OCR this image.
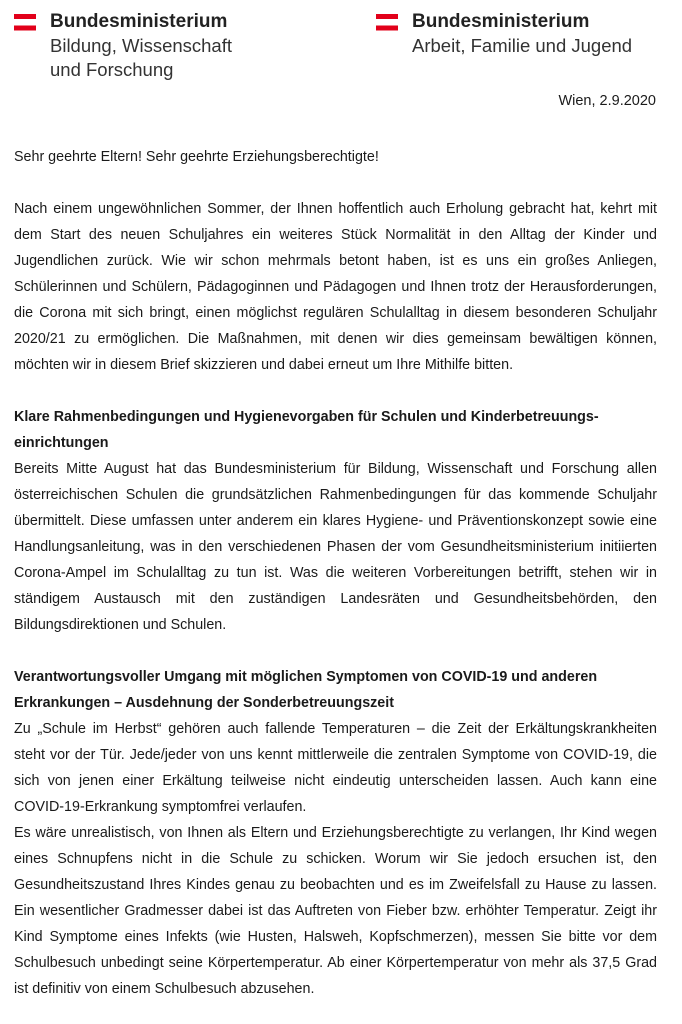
Bundesministerium
Bildung, Wissenschaft
und Forschung
Bundesministerium
Arbeit, Familie und Jugend
Wien, 2.9.2020

Sehr geehrte Eltern! Sehr geehrte Erziehungsberechtigte!

Nach einem ungewöhnlichen Sommer, der Ihnen hoffentlich auch Erholung gebracht hat, kehrt mit dem Start des neuen Schuljahres ein weiteres Stück Normalität in den Alltag der Kinder und Jugendlichen zurück. Wie wir schon mehrmals betont haben, ist es uns ein großes Anliegen, Schülerinnen und Schülern, Pädagoginnen und Pädagogen und Ihnen trotz der Herausforderungen, die Corona mit sich bringt, einen möglichst regulären Schulalltag in diesem besonderen Schuljahr 2020/21 zu ermöglichen. Die Maßnahmen, mit denen wir dies gemeinsam bewältigen können, möchten wir in diesem Brief skizzieren und dabei erneut um Ihre Mithilfe bitten.

Klare Rahmenbedingungen und Hygienevorgaben für Schulen und Kinderbetreuungs-einrichtungen

Bereits Mitte August hat das Bundesministerium für Bildung, Wissenschaft und Forschung allen österreichischen Schulen die grundsätzlichen Rahmenbedingungen für das kommende Schuljahr übermittelt. Diese umfassen unter anderem ein klares Hygiene- und Präventionskonzept sowie eine Handlungsanleitung, was in den verschiedenen Phasen der vom Gesundheitsministerium initiierten Corona-Ampel im Schulalltag zu tun ist. Was die weiteren Vorbereitungen betrifft, stehen wir in ständigem Austausch mit den zuständigen Landesräten und Gesundheitsbehörden, den Bildungsdirektionen und Schulen.

Verantwortungsvoller Umgang mit möglichen Symptomen von COVID-19 und anderen Erkrankungen – Ausdehnung der Sonderbetreuungszeit

Zu „Schule im Herbst“ gehören auch fallende Temperaturen – die Zeit der Erkältungskrankheiten steht vor der Tür. Jede/jeder von uns kennt mittlerweile die zentralen Symptome von COVID-19, die sich von jenen einer Erkältung teilweise nicht eindeutig unterscheiden lassen. Auch kann eine COVID-19-Erkrankung symptomfrei verlaufen.

Es wäre unrealistisch, von Ihnen als Eltern und Erziehungsberechtigte zu verlangen, Ihr Kind wegen eines Schnupfens nicht in die Schule zu schicken. Worum wir Sie jedoch ersuchen ist, den Gesundheitszustand Ihres Kindes genau zu beobachten und es im Zweifelsfall zu Hause zu lassen. Ein wesentlicher Gradmesser dabei ist das Auftreten von Fieber bzw. erhöhter Temperatur. Zeigt ihr Kind Symptome eines Infekts (wie Husten, Halsweh, Kopfschmerzen), messen Sie bitte vor dem Schulbesuch unbedingt seine Körpertemperatur. Ab einer Körpertemperatur von mehr als 37,5 Grad ist definitiv von einem Schulbesuch abzusehen.
